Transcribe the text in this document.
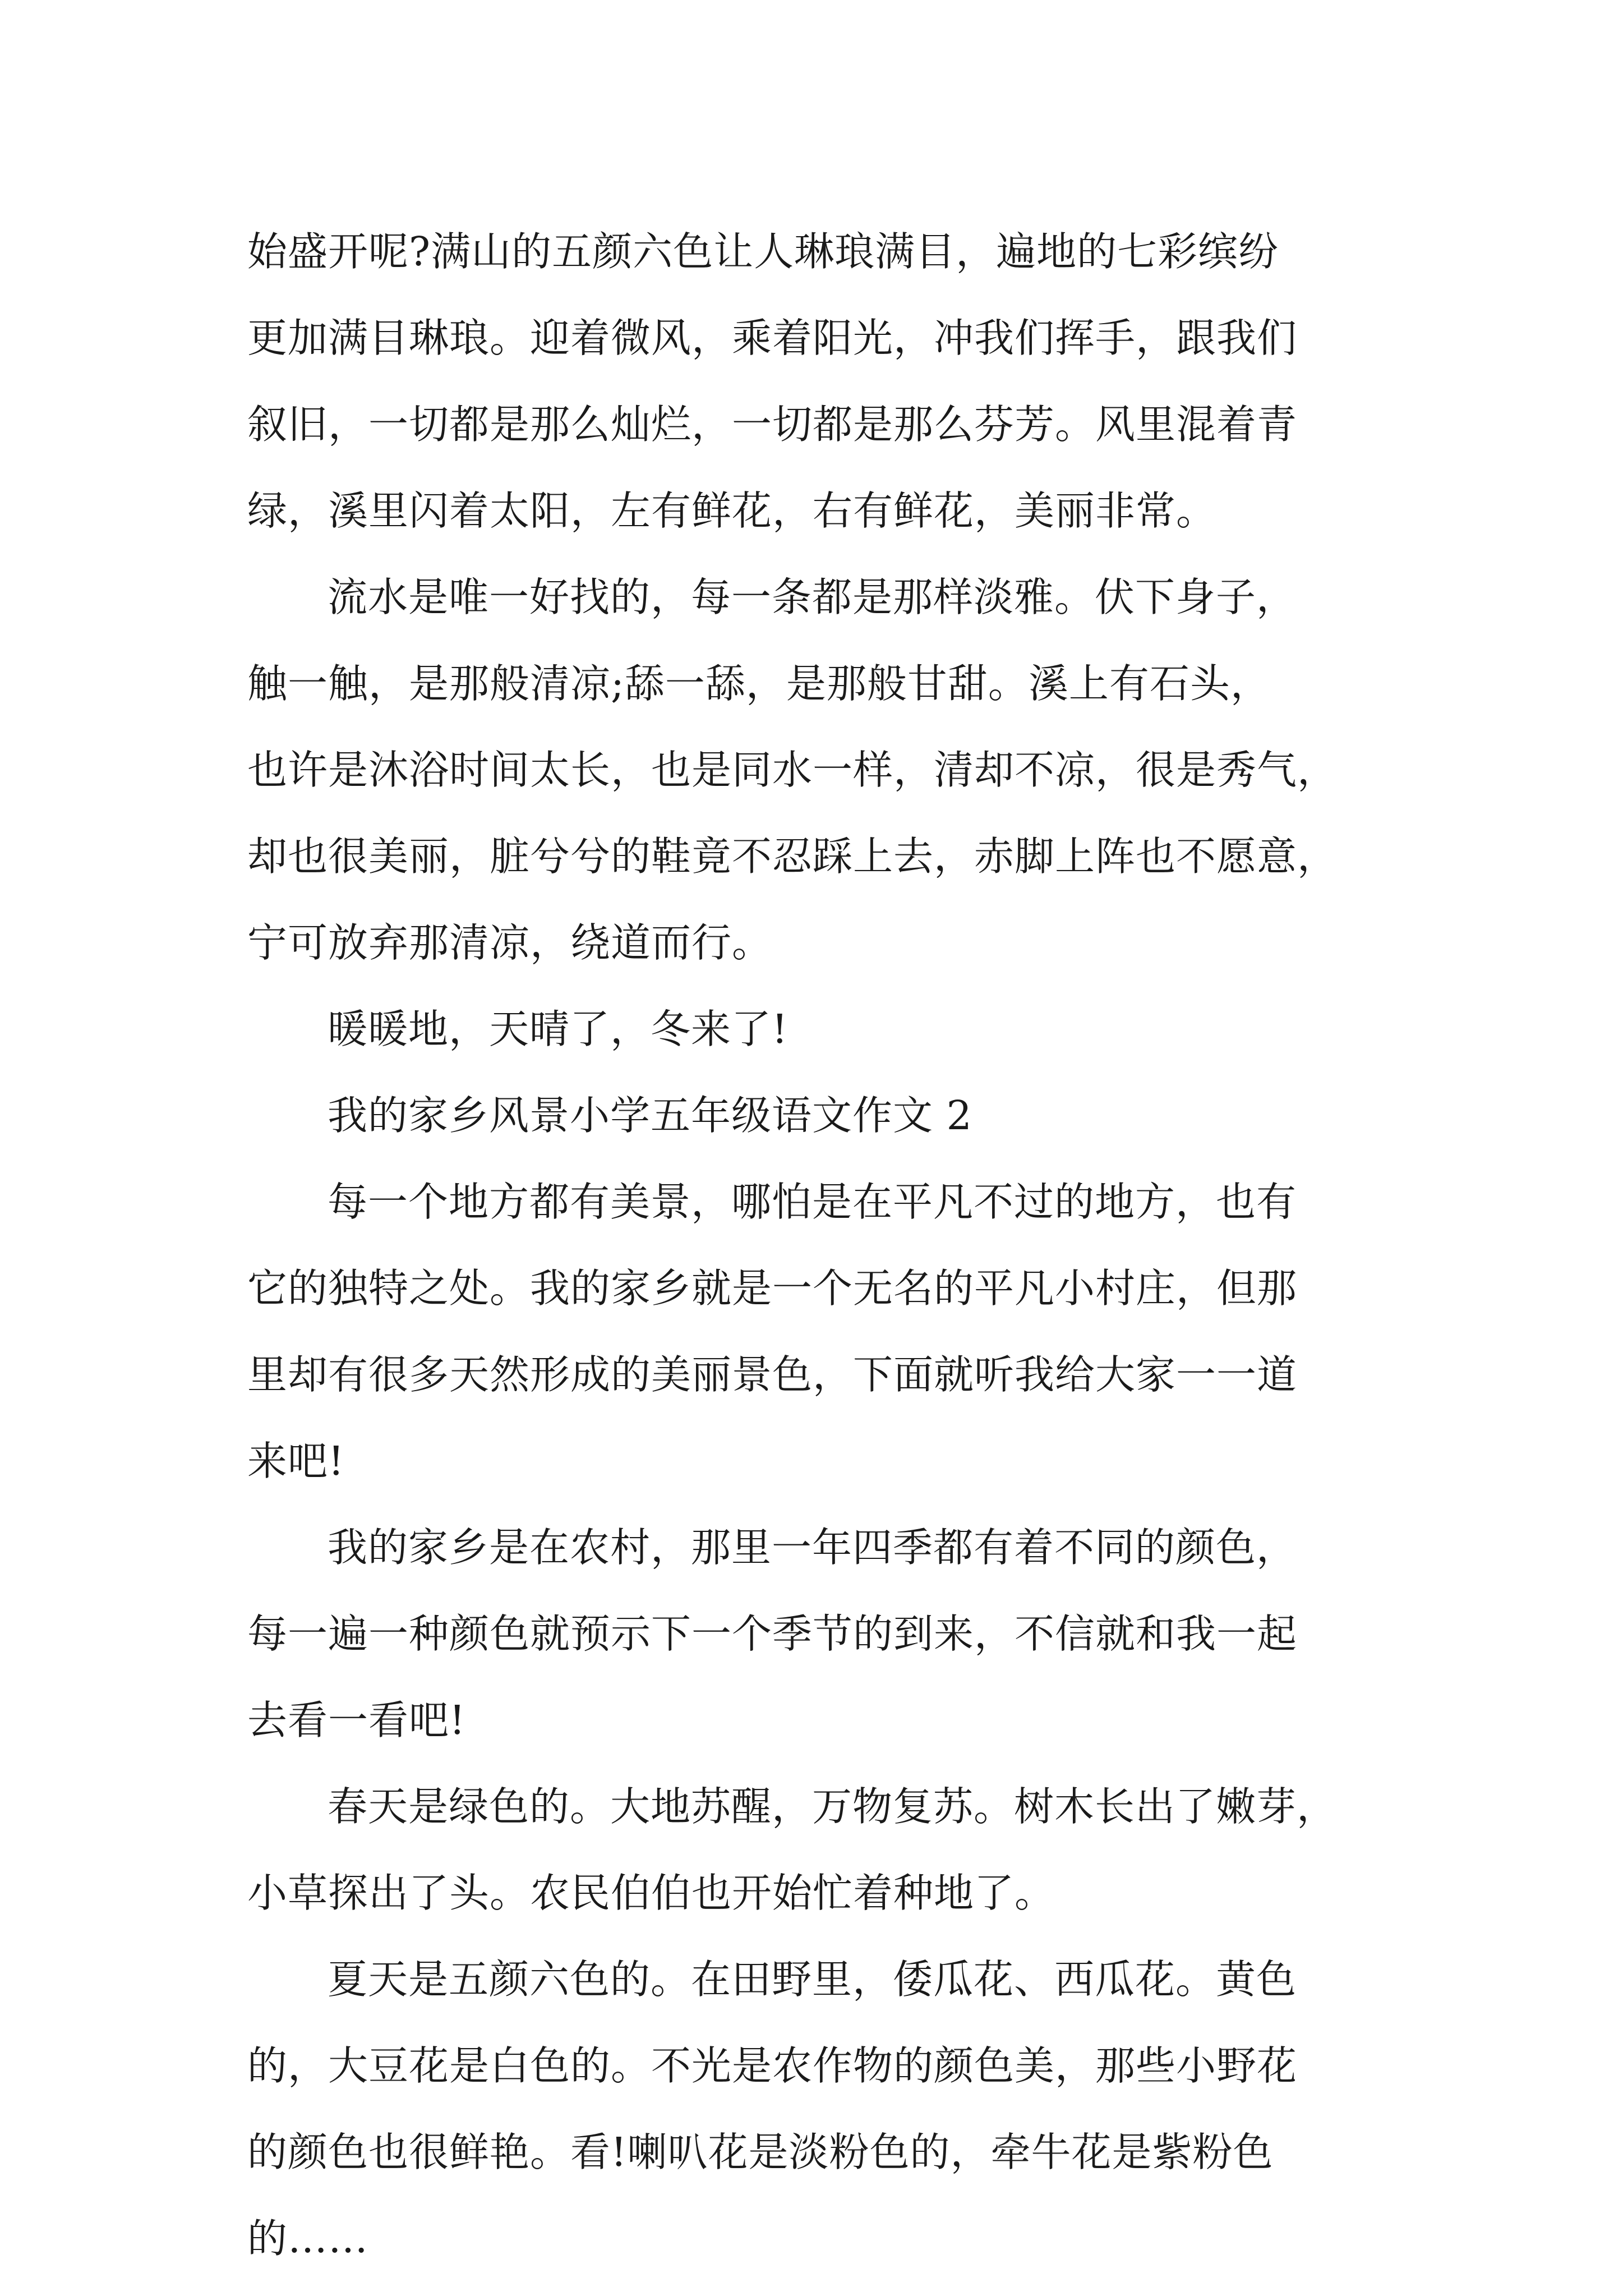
始盛开呢?满山的五颜六色让人琳琅满目，遍地的七彩缤纷
更加满目琳琅。迎着微风，乘着阳光，冲我们挥手，跟我们
叙旧，一切都是那么灿烂，一切都是那么芬芳。风里混着青
绿，溪里闪着太阳，左有鲜花，右有鲜花，美丽非常。
流水是唯一好找的，每一条都是那样淡雅。伏下身子，
触一触，是那般清凉;舔一舔，是那般甘甜。溪上有石头，
也许是沐浴时间太长，也是同水一样，清却不凉，很是秀气，
却也很美丽，脏兮兮的鞋竟不忍踩上去，赤脚上阵也不愿意，
宁可放弃那清凉，绕道而行。
暖暖地，天晴了，冬来了!
我的家乡风景小学五年级语文作文 2
每一个地方都有美景，哪怕是在平凡不过的地方，也有
它的独特之处。我的家乡就是一个无名的平凡小村庄，但那
里却有很多天然形成的美丽景色，下面就听我给大家一一道
来吧!
我的家乡是在农村，那里一年四季都有着不同的颜色，
每一遍一种颜色就预示下一个季节的到来，不信就和我一起
去看一看吧!
春天是绿色的。大地苏醒，万物复苏。树木长出了嫩芽，
小草探出了头。农民伯伯也开始忙着种地了。
夏天是五颜六色的。在田野里，倭瓜花、西瓜花。黄色
的，大豆花是白色的。不光是农作物的颜色美，那些小野花
的颜色也很鲜艳。看!喇叭花是淡粉色的，牵牛花是紫粉色
的……
